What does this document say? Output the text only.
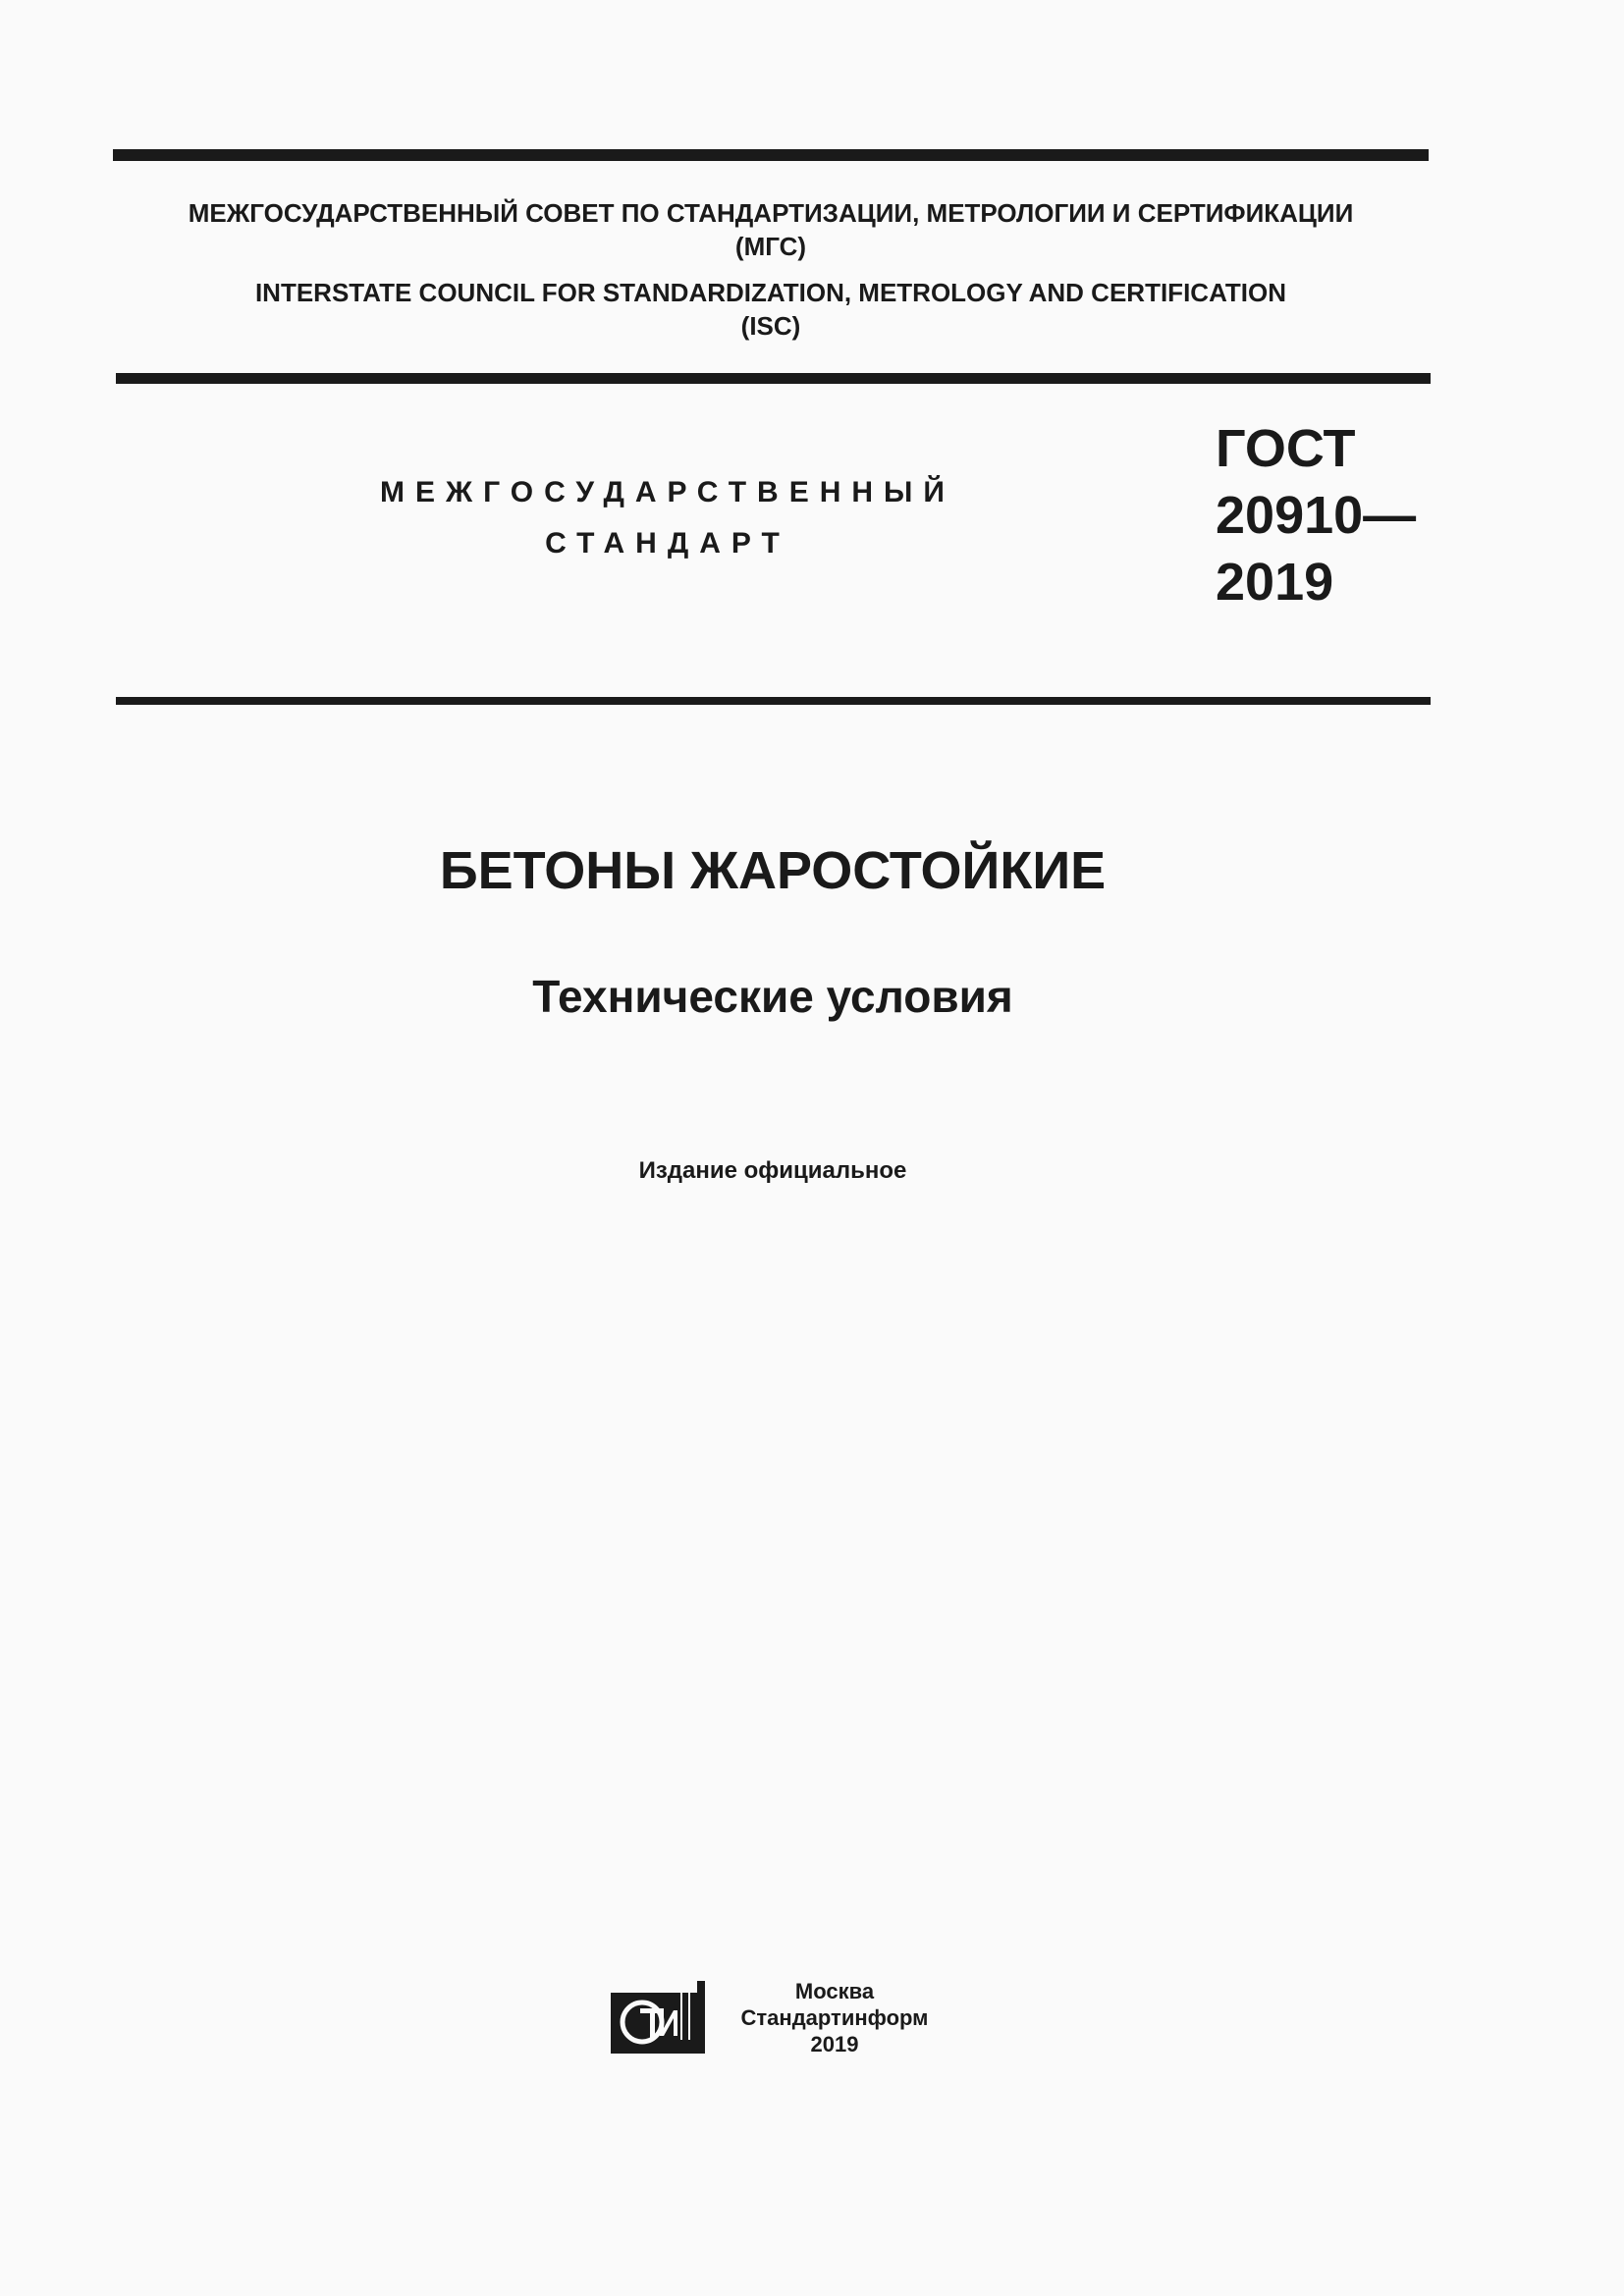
МЕЖГОСУДАРСТВЕННЫЙ СОВЕТ ПО СТАНДАРТИЗАЦИИ, МЕТРОЛОГИИ И СЕРТИФИКАЦИИ
(МГС)
INTERSTATE COUNCIL FOR STANDARDIZATION, METROLOGY AND CERTIFICATION
(ISC)
МЕЖГОСУДАРСТВЕННЫЙ
СТАНДАРТ
ГОСТ
20910—
2019
БЕТОНЫ ЖАРОСТОЙКИЕ
Технические условия
Издание официальное
Москва
Стандартинформ
2019
